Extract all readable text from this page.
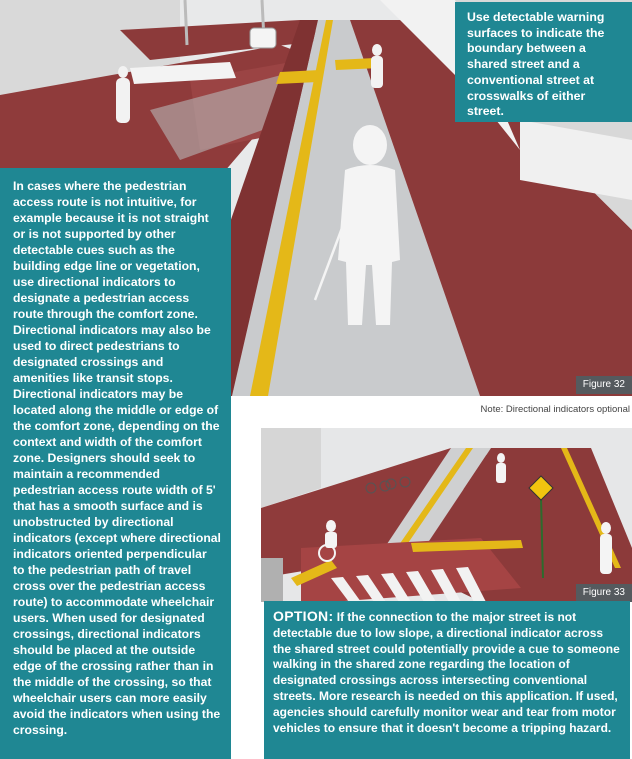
Figure 32
Note: Directional indicators optional
Figure 33
Use detectable warning surfaces to indicate the boundary between a shared street and a conventional street at crosswalks of either street.
In cases where the pedestrian access route is not intuitive, for example because it is not straight or is not supported by other detectable cues such as the building edge line or vegetation, use directional indicators to designate a pedestrian access route through the comfort zone. Directional indicators may also be used to direct pedestrians to designated crossings and amenities like transit stops. Directional indicators may be located along the middle or edge of the comfort zone, depending on the context and width of the comfort zone. Designers should seek to maintain a recommended pedestrian access route width of 5' that has a smooth surface and is unobstructed by directional indicators (except where directional indicators oriented perpendicular to the pedestrian path of travel cross over the pedestrian access route) to accommodate wheelchair users. When used for designated crossings, directional indicators should be placed at the outside edge of the crossing rather than in the middle of the crossing, so that wheelchair users can more easily avoid the indicators when using the crossing.
OPTION: If the connection to the major street is not detectable due to low slope, a directional indicator across the shared street could potentially provide a cue to someone walking in the shared zone regarding the location of designated crossings across intersecting conventional streets. More research is needed on this application. If used, agencies should carefully monitor wear and tear from motor vehicles to ensure that it doesn't become a tripping hazard.
